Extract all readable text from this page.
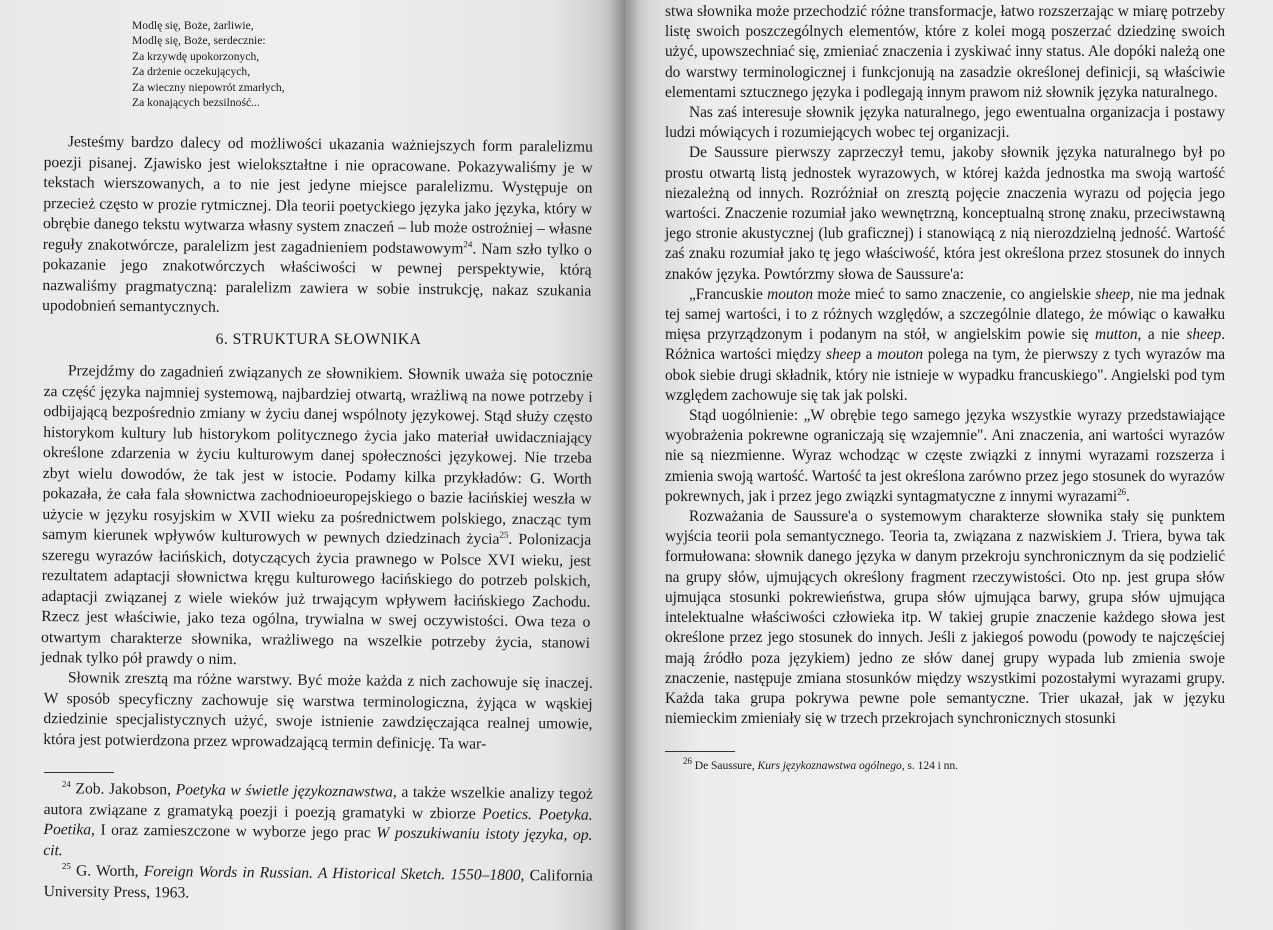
Modlę się, Boże, żarliwie,
Modlę się, Boże, serdecznie:
Za krzywdę upokorzonych,
Za drżenie oczekujących,
Za wieczny niepowrót zmarłych,
Za konających bezsilność...

Jesteśmy bardzo dalecy od możliwości ukazania ważniejszych form paralelizmu poezji pisanej. Zjawisko jest wielokształtne i nie opracowane. Pokazywaliśmy je w tekstach wierszowanych, a to nie jest jedyne miejsce paralelizmu. Występuje on przecież często w prozie rytmicznej. Dla teorii poetyckiego języka jako języka, który w obrębie danego tekstu wytwarza własny system znaczeń – lub może ostrożniej – własne reguły znakotwórcze, paralelizm jest zagadnieniem podstawowym$^{24}$. Nam szło tylko o pokazanie jego znakotwórczych właściwości w pewnej perspektywie, którą nazwaliśmy pragmatyczną: paralelizm zawiera w sobie instrukcję, nakaz szukania upodobnień semantycznych.

6. STRUKTURA SŁOWNIKA

Przejdźmy do zagadnień związanych ze słownikiem. Słownik uważa się potocznie za część języka najmniej systemową, najbardziej otwartą, wrażliwą na nowe potrzeby i odbijającą bezpośrednio zmiany w życiu danej wspólnoty językowej. Stąd służy często historykom kultury lub historykom politycznego życia jako materiał uwidaczniający określone zdarzenia w życiu kulturowym danej społeczności językowej. Nie trzeba zbyt wielu dowodów, że tak jest w istocie. Podamy kilka przykładów: G. Worth pokazała, że cała fala słownictwa zachodnioeuropejskiego o bazie łacińskiej weszła w użycie w języku rosyjskim w XVII wieku za pośrednictwem polskiego, znacząc tym samym kierunek wpływów kulturowych w pewnych dziedzinach życia$^{25}$. Polonizacja szeregu wyrazów łacińskich, dotyczących życia prawnego w Polsce XVI wieku, jest rezultatem adaptacji słownictwa kręgu kulturowego łacińskiego do potrzeb polskich, adaptacji związanej z wiele wieków już trwającym wpływem łacińskiego Zachodu. Rzecz jest właściwie, jako teza ogólna, trywialna w swej oczywistości. Owa teza o otwartym charakterze słownika, wrażliwego na wszelkie potrzeby życia, stanowi jednak tylko pół prawdy o nim.

Słownik zresztą ma różne warstwy. Być może każda z nich zachowuje się inaczej. W sposób specyficzny zachowuje się warstwa terminologiczna, żyjąca w wąskiej dziedzinie specjalistycznych użyć, swoje istnienie zawdzięczająca realnej umowie, która jest potwierdzona przez wprowadzającą termin definicję. Ta war-

$^{24}$ Zob. Jakobson, Poetyka w świetle językoznawstwa, a także wszelkie analizy tegoż autora związane z gramatyką poezji i poezją gramatyki w zbiorze Poetics. Poetyka. Poetika, I oraz zamieszczone w wyborze jego prac W poszukiwaniu istoty języka, op. cit.

$^{25}$ G. Worth, Foreign Words in Russian. A Historical Sketch. 1550–1800, California University Press, 1963.

stwa słownika może przechodzić różne transformacje, łatwo rozszerzając w miarę potrzeby listę swoich poszczególnych elementów, które z kolei mogą poszerzać dziedzinę swoich użyć, upowszechniać się, zmieniać znaczenia i zyskiwać inny status. Ale dopóki należą one do warstwy terminologicznej i funkcjonują na zasadzie określonej definicji, są właściwie elementami sztucznego języka i podlegają innym prawom niż słownik języka naturalnego.

Nas zaś interesuje słownik języka naturalnego, jego ewentualna organizacja i postawy ludzi mówiących i rozumiejących wobec tej organizacji.

De Saussure pierwszy zaprzeczył temu, jakoby słownik języka naturalnego był po prostu otwartą listą jednostek wyrazowych, w której każda jednostka ma swoją wartość niezależną od innych. Rozróżniał on zresztą pojęcie znaczenia wyrazu od pojęcia jego wartości. Znaczenie rozumiał jako wewnętrzną, konceptualną stronę znaku, przeciwstawną jego stronie akustycznej (lub graficznej) i stanowiącą z nią nierozdzielną jedność. Wartość zaś znaku rozumiał jako tę jego właściwość, która jest określona przez stosunek do innych znaków języka. Powtórzmy słowa de Saussure'a:

„Francuskie mouton może mieć to samo znaczenie, co angielskie sheep, nie ma jednak tej samej wartości, i to z różnych względów, a szczególnie dlatego, że mówiąc o kawałku mięsa przyrządzonym i podanym na stół, w angielskim powie się mutton, a nie sheep. Różnica wartości między sheep a mouton polega na tym, że pierwszy z tych wyrazów ma obok siebie drugi składnik, który nie istnieje w wypadku francuskiego". Angielski pod tym względem zachowuje się tak jak polski.

Stąd uogólnienie: „W obrębie tego samego języka wszystkie wyrazy przedstawiające wyobrażenia pokrewne ograniczają się wzajemnie". Ani znaczenia, ani wartości wyrazów nie są niezmienne. Wyraz wchodząc w częste związki z innymi wyrazami rozszerza i zmienia swoją wartość. Wartość ta jest określona zarówno przez jego stosunek do wyrazów pokrewnych, jak i przez jego związki syntagmatyczne z innymi wyrazami$^{26}$.

Rozważania de Saussure'a o systemowym charakterze słownika stały się punktem wyjścia teorii pola semantycznego. Teoria ta, związana z nazwiskiem J. Triera, bywa tak formułowana: słownik danego języka w danym przekroju synchronicznym da się podzielić na grupy słów, ujmujących określony fragment rzeczywistości. Oto np. jest grupa słów ujmująca stosunki pokrewieństwa, grupa słów ujmująca barwy, grupa słów ujmująca intelektualne właściwości człowieka itp. W takiej grupie znaczenie każdego słowa jest określone przez jego stosunek do innych. Jeśli z jakiegoś powodu (powody te najczęściej mają źródło poza językiem) jedno ze słów danej grupy wypada lub zmienia swoje znaczenie, następuje zmiana stosunków między wszystkimi pozostałymi wyrazami grupy. Każda taka grupa pokrywa pewne pole semantyczne. Trier ukazał, jak w języku niemieckim zmieniały się w trzech przekrojach synchronicznych stosunki

$^{26}$ De Saussure, Kurs językoznawstwa ogólnego, s. 124 i nn.
